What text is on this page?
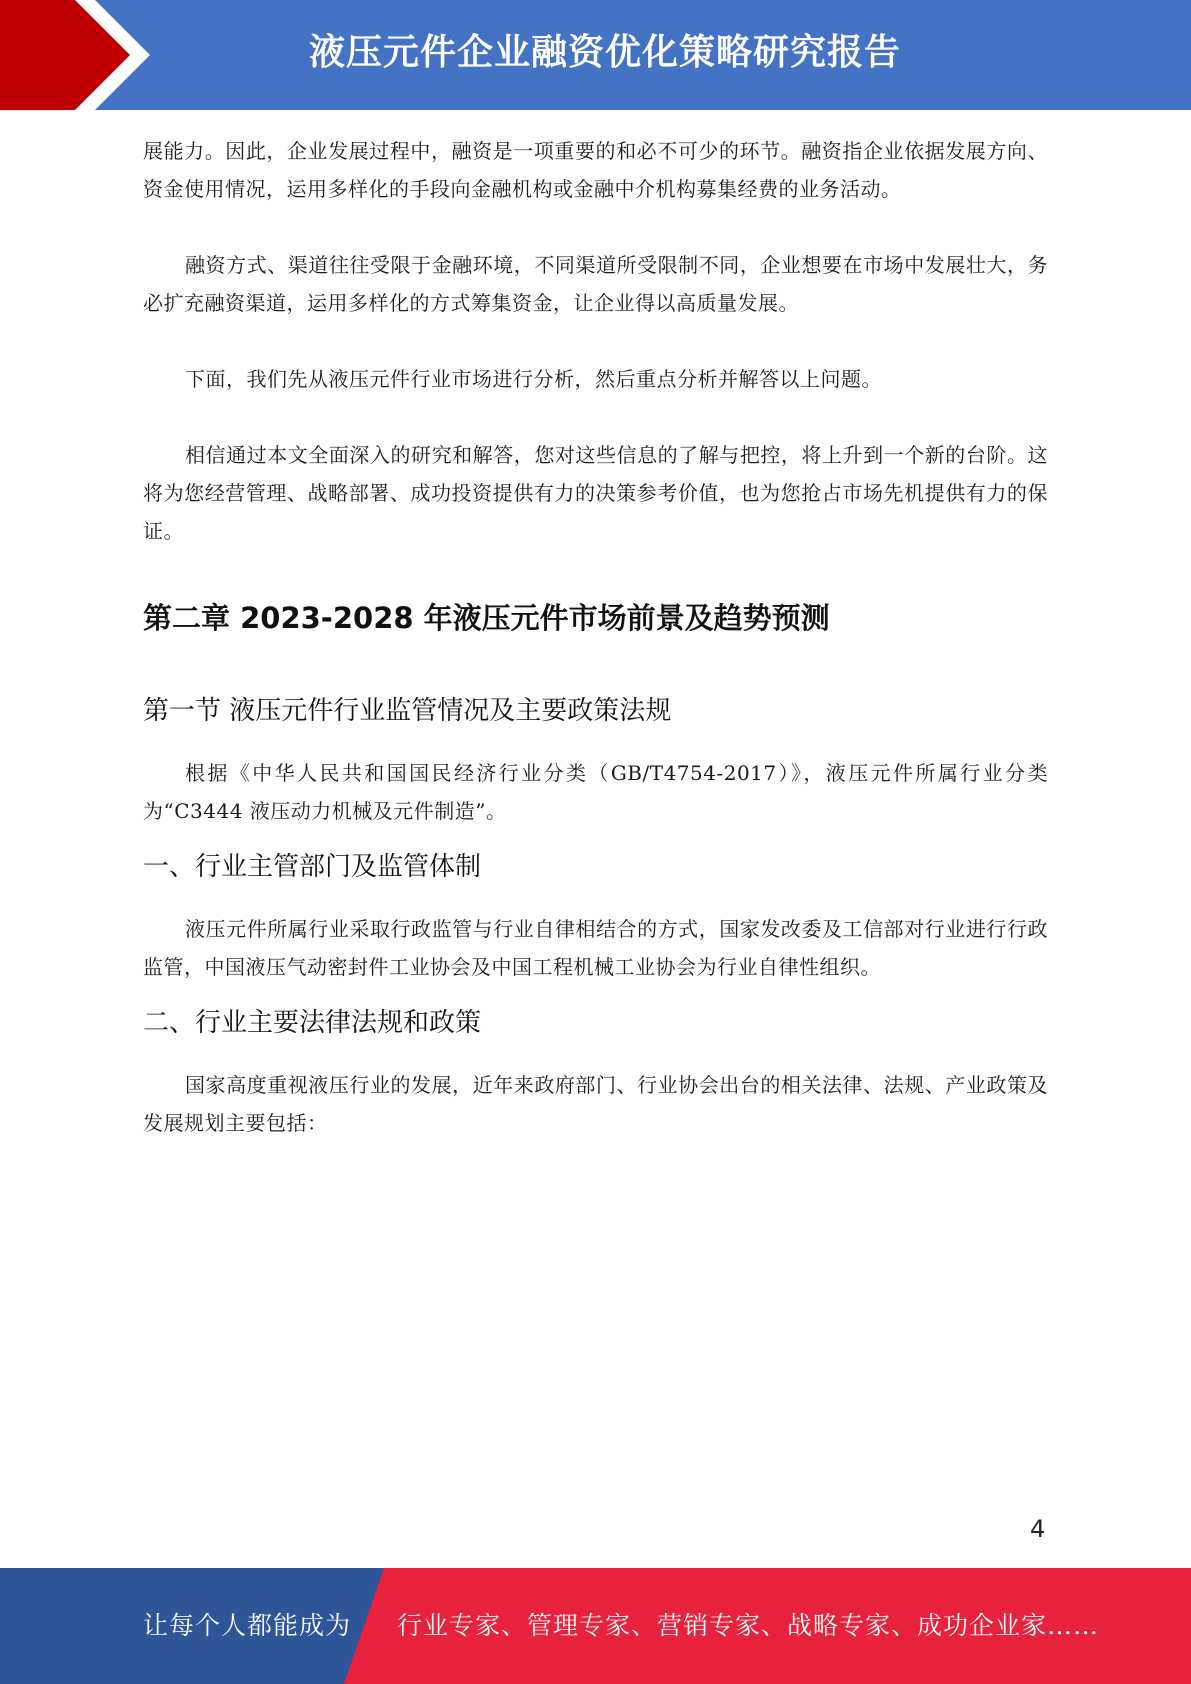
液压元件企业融资优化策略研究报告

展能力。因此，企业发展过程中，融资是一项重要的和必不可少的环节。融资指企业依据发展方向、资金使用情况，运用多样化的手段向金融机构或金融中介机构募集经费的业务活动。

融资方式、渠道往往受限于金融环境，不同渠道所受限制不同，企业想要在市场中发展壮大，务必扩充融资渠道，运用多样化的方式筹集资金，让企业得以高质量发展。

下面，我们先从液压元件行业市场进行分析，然后重点分析并解答以上问题。

相信通过本文全面深入的研究和解答，您对这些信息的了解与把控，将上升到一个新的台阶。这将为您经营管理、战略部署、成功投资提供有力的决策参考价值，也为您抢占市场先机提供有力的保证。

第二章 2023-2028 年液压元件市场前景及趋势预测
第一节 液压元件行业监管情况及主要政策法规

根据《中华人民共和国国民经济行业分类（GB/T4754-2017）》，液压元件所属行业分类为“C3444 液压动力机械及元件制造”。

一、行业主管部门及监管体制

液压元件所属行业采取行政监管与行业自律相结合的方式，国家发改委及工信部对行业进行行政监管，中国液压气动密封件工业协会及中国工程机械工业协会为行业自律性组织。

二、行业主要法律法规和政策

国家高度重视液压行业的发展，近年来政府部门、行业协会出台的相关法律、法规、产业政策及发展规划主要包括：

4
让每个人都能成为 行业专家、管理专家、营销专家、战略专家、成功企业家……
